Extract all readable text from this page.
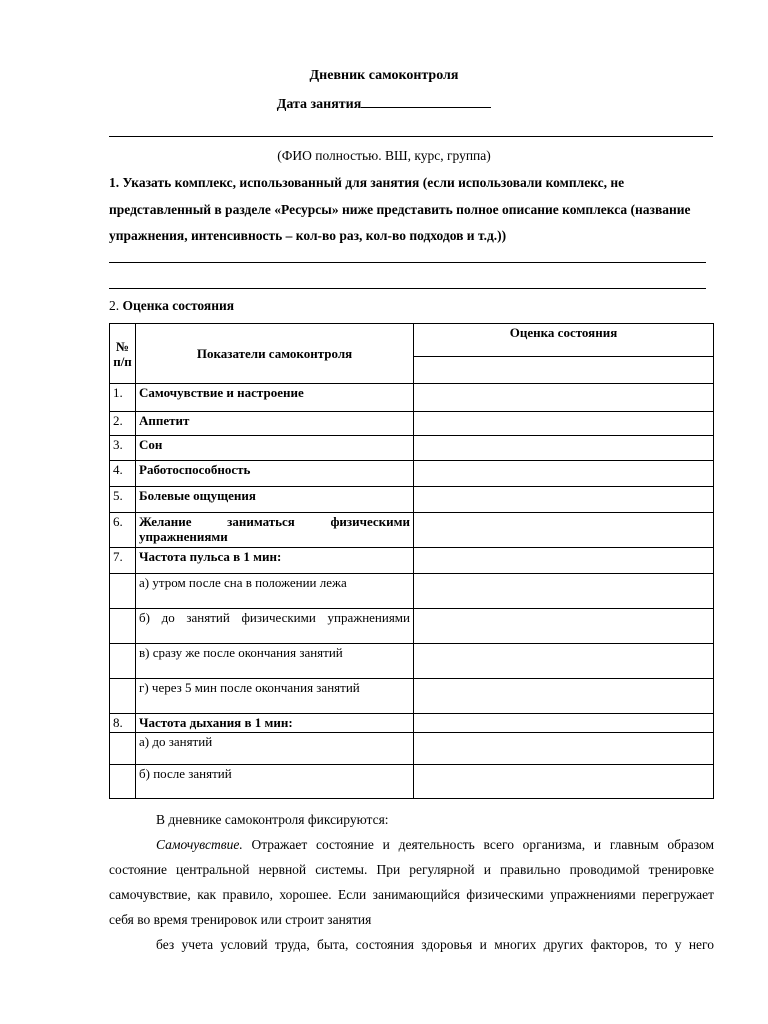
Дневник самоконтроля
Дата занятия
(ФИО полностью. ВШ, курс, группа)
1. Указать комплекс, использованный для занятия (если использовали комплекс, не представленный в разделе «Ресурсы» ниже представить полное описание комплекса (название упражнения, интенсивность – кол-во раз, кол-во подходов и т.д.))
2. Оценка состояния
№ п/п	Показатели самоконтроля	Оценка состояния

1.	Самочувствие и настроение	
2.	Аппетит	
3.	Сон	
4.	Работоспособность	
5.	Болевые ощущения	
6.	Желание заниматься физическими упражнениями	
7.	Частота пульса в 1 мин:	
	а) утром после сна в положении лежа	
	б) до занятий физическими упражнениями	
	в) сразу же после окончания занятий	
	г) через 5 мин после окончания занятий	
8.	Частота дыхания в 1 мин:	
	а) до занятий	
	б) после занятий	
В дневнике самоконтроля фиксируются:
Самочувствие. Отражает состояние и деятельность всего организма, и главным образом состояние центральной нервной системы. При регулярной и правильно проводимой тренировке самочувствие, как правило, хорошее. Если занимающийся физическими упражнениями перегружает себя во время тренировок или строит занятия
без учета условий труда, быта, состояния здоровья и многих других факторов, то у него
